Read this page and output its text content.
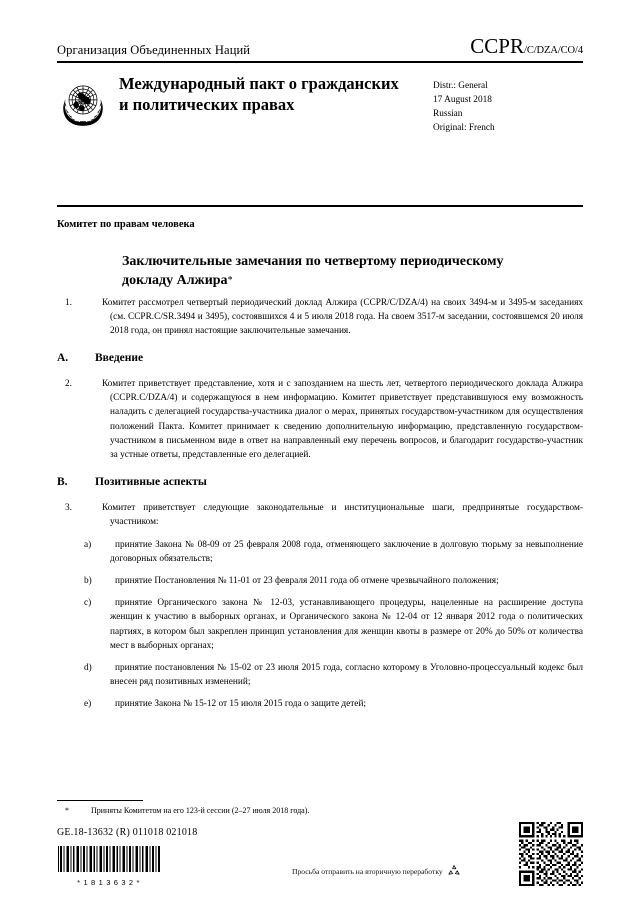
Организация Объединенных Наций	CCPR /C/DZA/CO/4
Международный пакт о гражданских и политических правах
Distr.: General
17 August 2018
Russian
Original: French
Комитет по правам человека
Заключительные замечания по четвертому периодическому докладу Алжира*

1.	Комитет рассмотрел четвертый периодический доклад Алжира (CCPR/C/DZA/4) на своих 3494-м и 3495-м заседаниях (см. CCPR.C/SR.3494 и 3495), состоявшихся 4 и 5 июля 2018 года. На своем 3517-м заседании, состоявшемся 20 июля 2018 года, он принял настоящие заключительные замечания.

A. Введение

2.	Комитет приветствует представление, хотя и с запозданием на шесть лет, четвертого периодического доклада Алжира (CCPR.C/DZA/4) и содержащуюся в нем информацию. Комитет приветствует представившуюся ему возможность наладить с делегацией государства-участника диалог о мерах, принятых государством-участником для осуществления положений Пакта. Комитет принимает к сведению дополнительную информацию, представленную государством-участником в письменном виде в ответ на направленный ему перечень вопросов, и благодарит государство-участник за устные ответы, представленные его делегацией.

B. Позитивные аспекты

3.	Комитет приветствует следующие законодательные и институциональные шаги, предпринятые государством-участником:

a)	принятие Закона № 08-09 от 25 февраля 2008 года, отменяющего заключение в долговую тюрьму за невыполнение договорных обязательств;

b)	принятие Постановления № 11-01 от 23 февраля 2011 года об отмене чрезвычайного положения;

c)	принятие Органического закона № 12-03, устанавливающего процедуры, нацеленные на расширение доступа женщин к участию в выборных органах, и Органического закона № 12-04 от 12 января 2012 года о политических партиях, в котором был закреплен принцип установления для женщин квоты в размере от 20% до 50% от количества мест в выборных органах;

d)	принятие постановления № 15-02 от 23 июля 2015 года, согласно которому в Уголовно-процессуальный кодекс был внесен ряд позитивных изменений;

e)	принятие Закона № 15-12 от 15 июля 2015 года о защите детей;

*	Приняты Комитетом на его 123-й сессии (2–27 июля 2018 года).
GE.18-13632 (R) 011018 021018
*1813632*
Просьба отправить на вторичную переработку
